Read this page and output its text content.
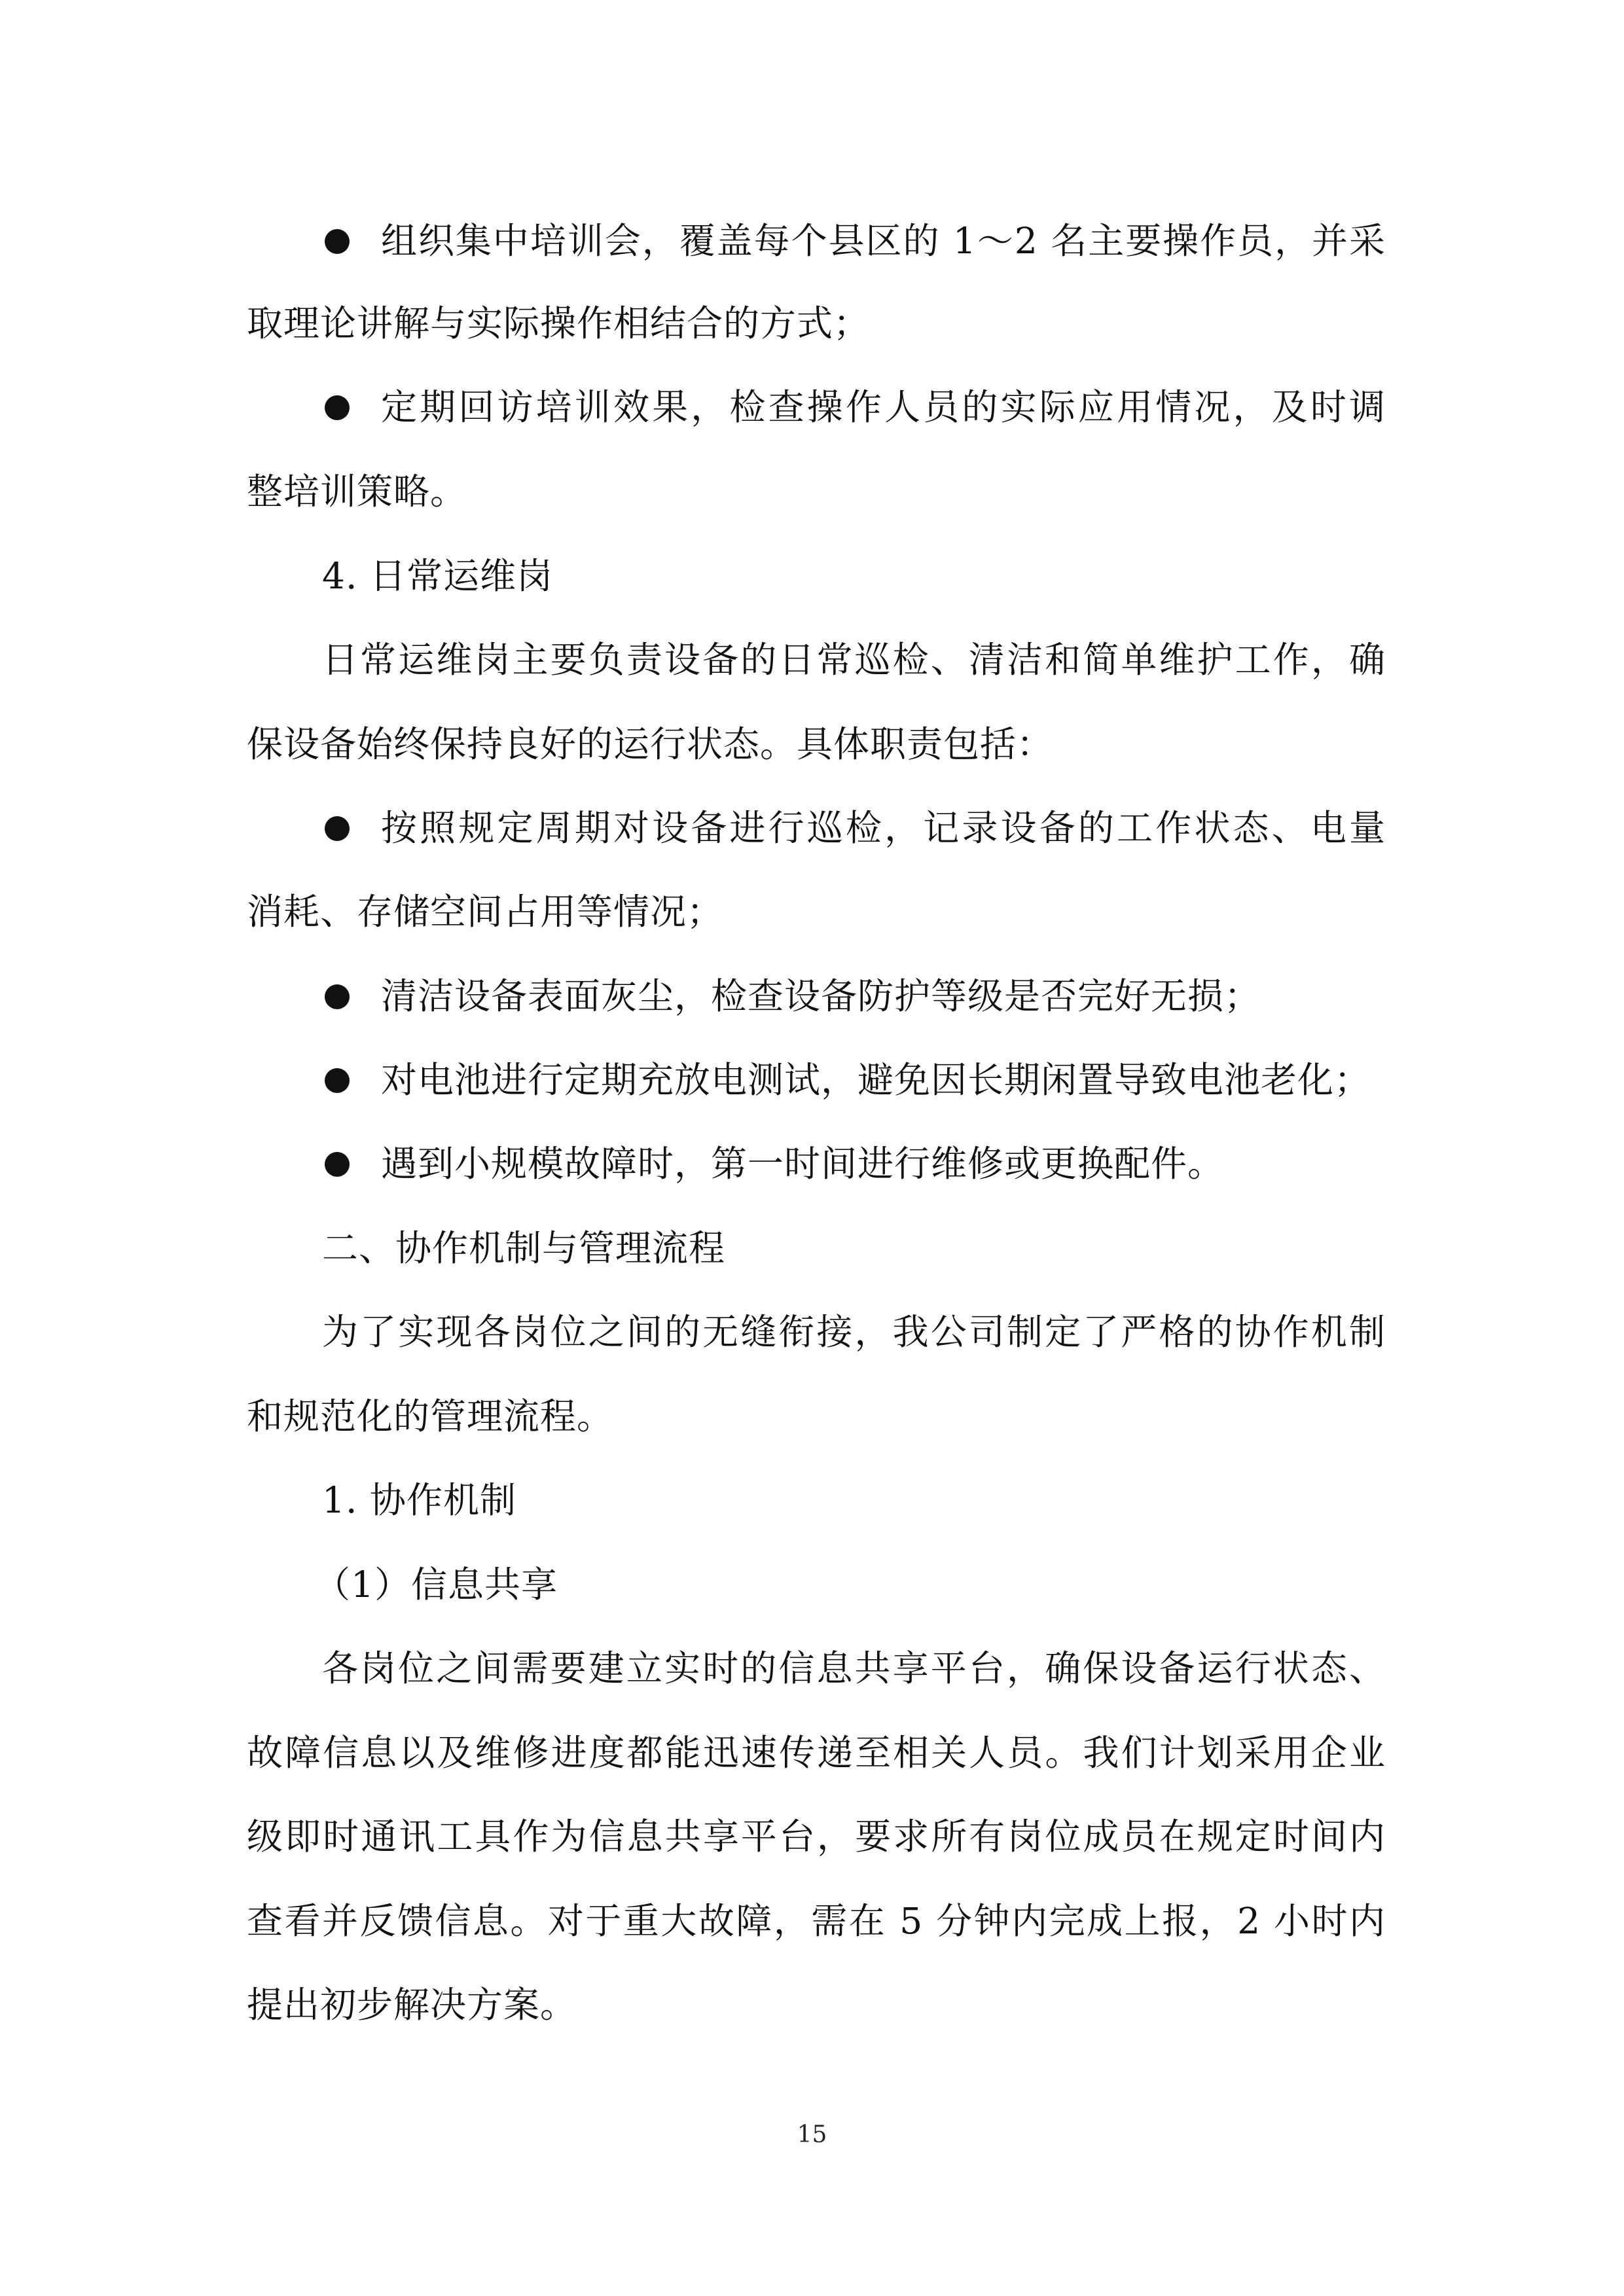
组织集中培训会，覆盖每个县区的 1～2 名主要操作员，并采
取理论讲解与实际操作相结合的方式；
定期回访培训效果，检查操作人员的实际应用情况，及时调
整培训策略。
4. 日常运维岗
日常运维岗主要负责设备的日常巡检、清洁和简单维护工作，确
保设备始终保持良好的运行状态。具体职责包括：
按照规定周期对设备进行巡检，记录设备的工作状态、电量
消耗、存储空间占用等情况；
清洁设备表面灰尘，检查设备防护等级是否完好无损；
对电池进行定期充放电测试，避免因长期闲置导致电池老化；
遇到小规模故障时，第一时间进行维修或更换配件。
二、协作机制与管理流程
为了实现各岗位之间的无缝衔接，我公司制定了严格的协作机制
和规范化的管理流程。
1. 协作机制
（1）信息共享
各岗位之间需要建立实时的信息共享平台，确保设备运行状态、
故障信息以及维修进度都能迅速传递至相关人员。我们计划采用企业
级即时通讯工具作为信息共享平台，要求所有岗位成员在规定时间内
查看并反馈信息。对于重大故障，需在 5 分钟内完成上报，2 小时内
提出初步解决方案。
15
